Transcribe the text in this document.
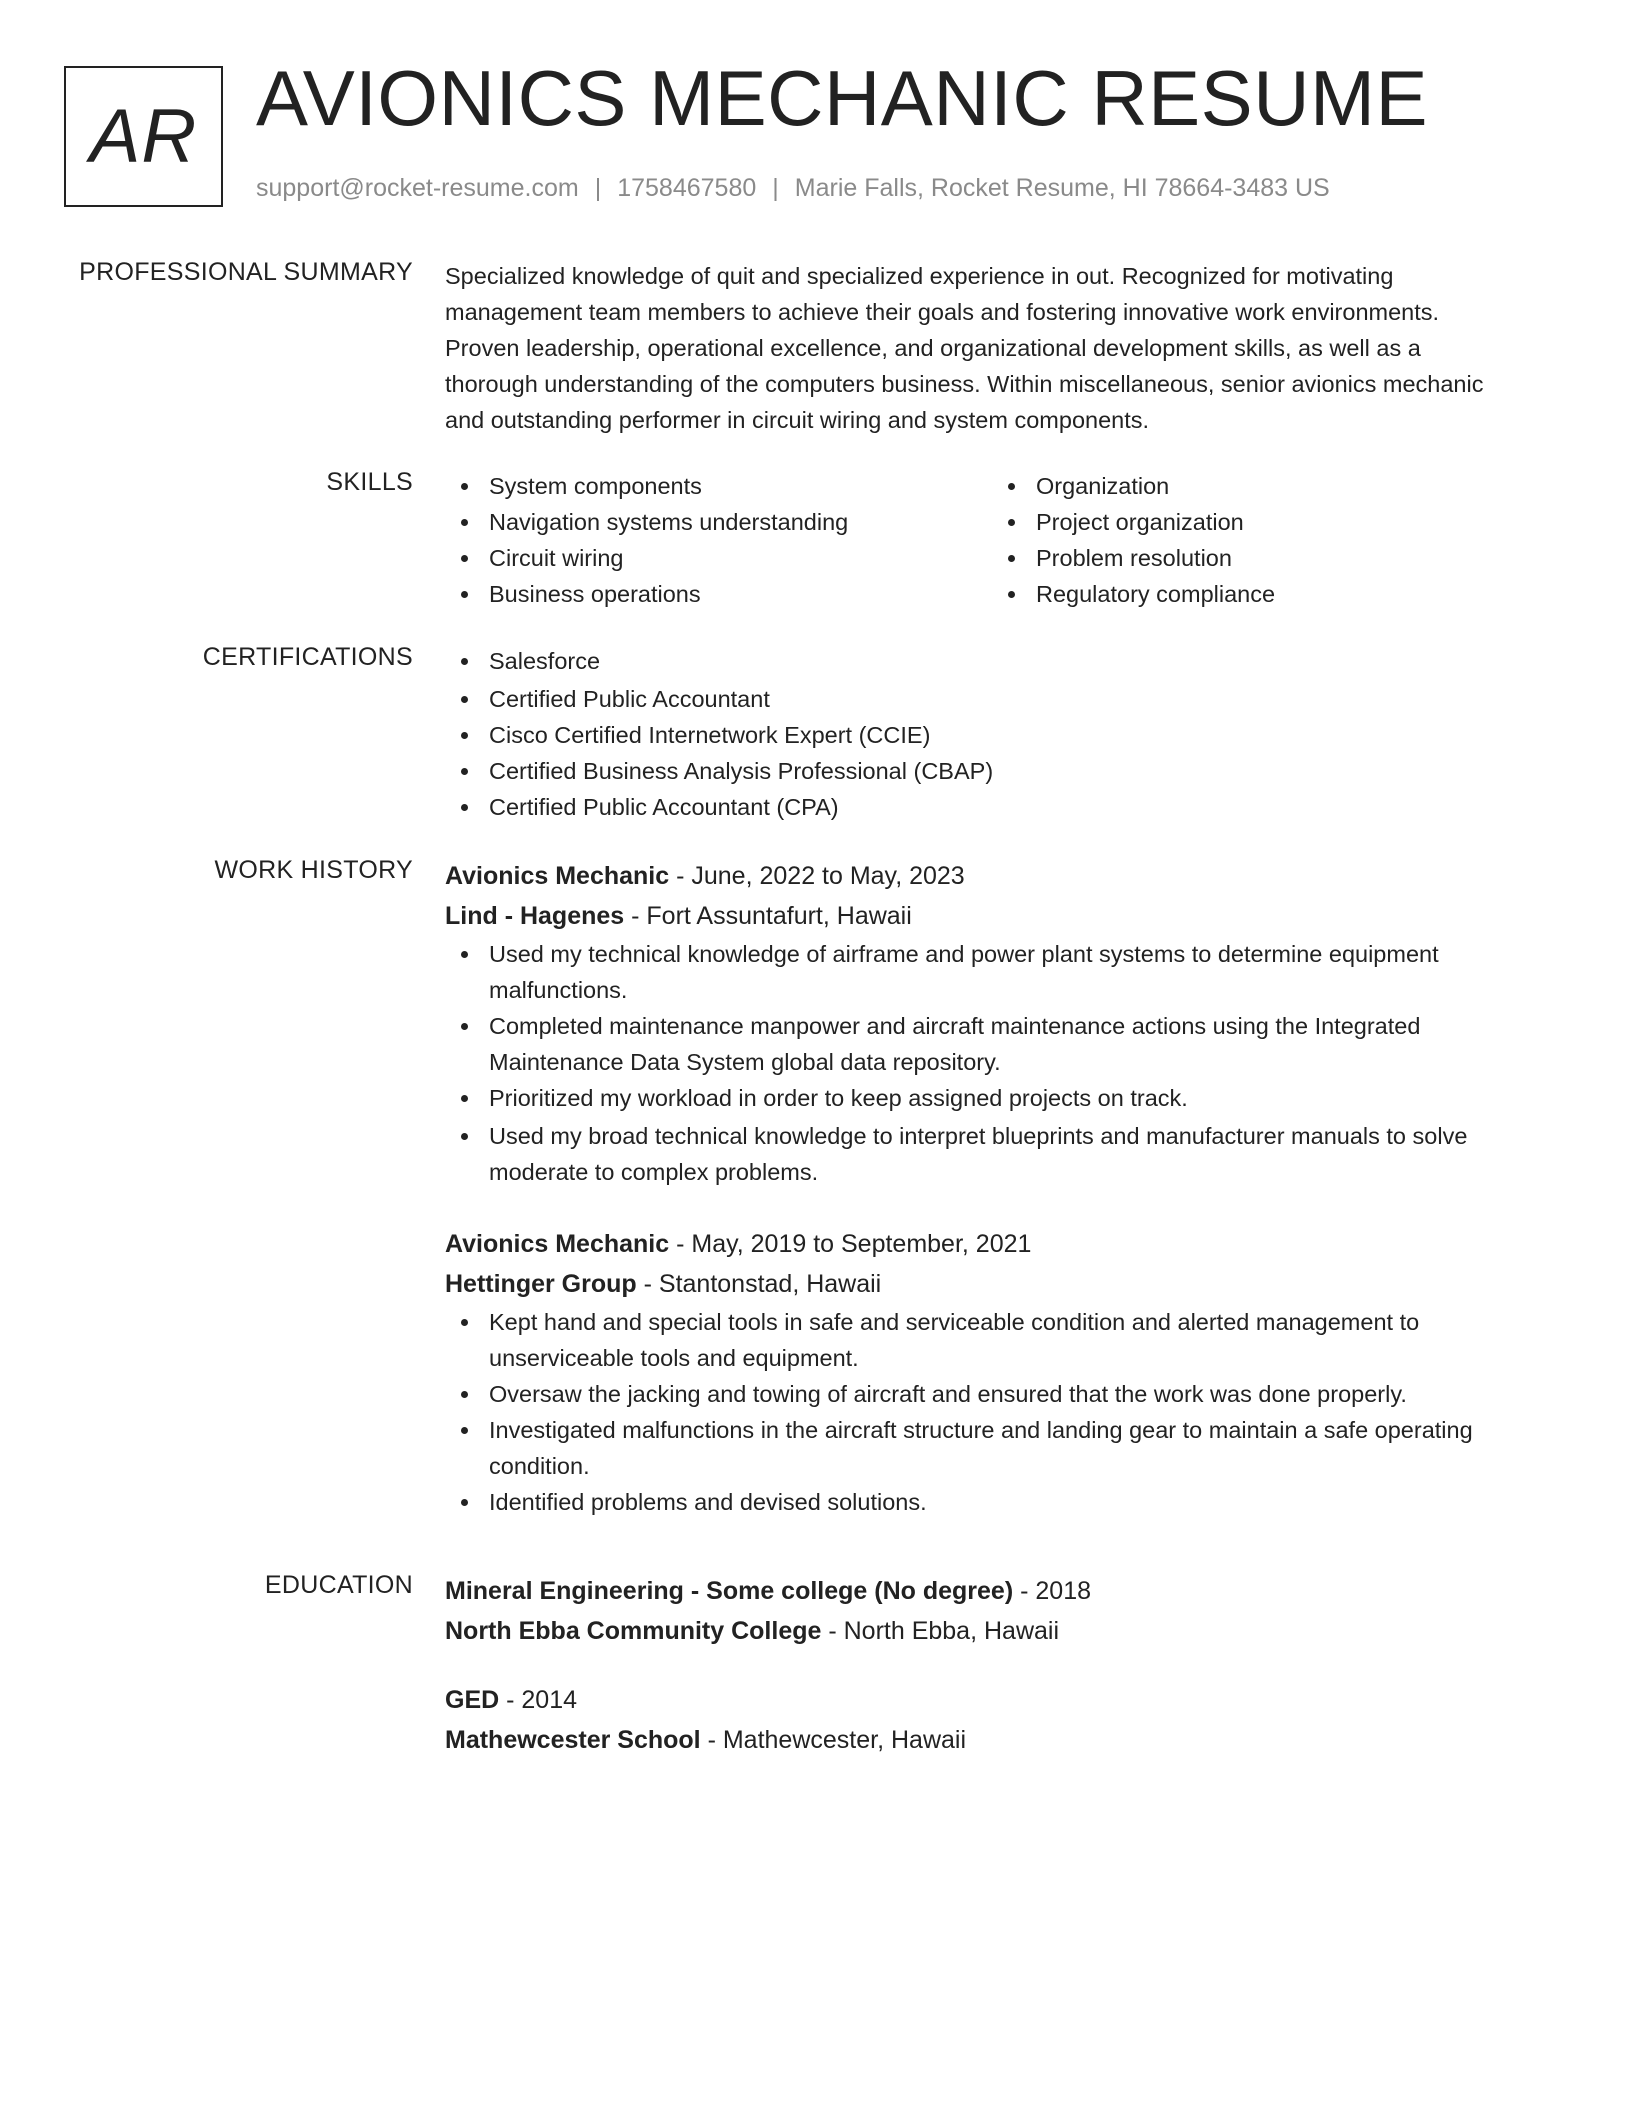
AR AVIONICS MECHANIC RESUME
support@rocket-resume.com | 1758467580 | Marie Falls, Rocket Resume, HI 78664-3483 US
PROFESSIONAL SUMMARY Specialized knowledge of quit and specialized experience in out. Recognized for motivating
management team members to achieve their goals and fostering innovative work environments.
Proven leadership, operational excellence, and organizational development skills, as well as a
thorough understanding of the computers business. Within miscellaneous, senior avionics mechanic
and outstanding performer in circuit wiring and system components.
SKILLS	System components
Navigation systems understanding
Circuit wiring
Business operations
Organization
Project organization
Problem resolution
Regulatory compliance
CERTIFICATIONS	Salesforce
Certified Public Accountant
Cisco Certified Internetwork Expert (CCIE)
Certified Business Analysis Professional (CBAP)
Certified Public Accountant (CPA)
WORK HISTORY Avionics Mechanic - June, 2022 to May, 2023
Lind - Hagenes - Fort Assuntafurt, Hawaii
Used my technical knowledge of airframe and power plant systems to determine equipment
malfunctions.
Completed maintenance manpower and aircraft maintenance actions using the Integrated
Maintenance Data System global data repository.
Prioritized my workload in order to keep assigned projects on track.
Used my broad technical knowledge to interpret blueprints and manufacturer manuals to solve
moderate to complex problems.
Avionics Mechanic - May, 2019 to September, 2021
Hettinger Group - Stantonstad, Hawaii
Kept hand and special tools in safe and serviceable condition and alerted management to
unserviceable tools and equipment.
Oversaw the jacking and towing of aircraft and ensured that the work was done properly.
Investigated malfunctions in the aircraft structure and landing gear to maintain a safe operating
condition.
Identified problems and devised solutions.
EDUCATION Mineral Engineering - Some college (No degree) - 2018
North Ebba Community College - North Ebba, Hawaii
GED - 2014
Mathewcester School - Mathewcester, Hawaii
